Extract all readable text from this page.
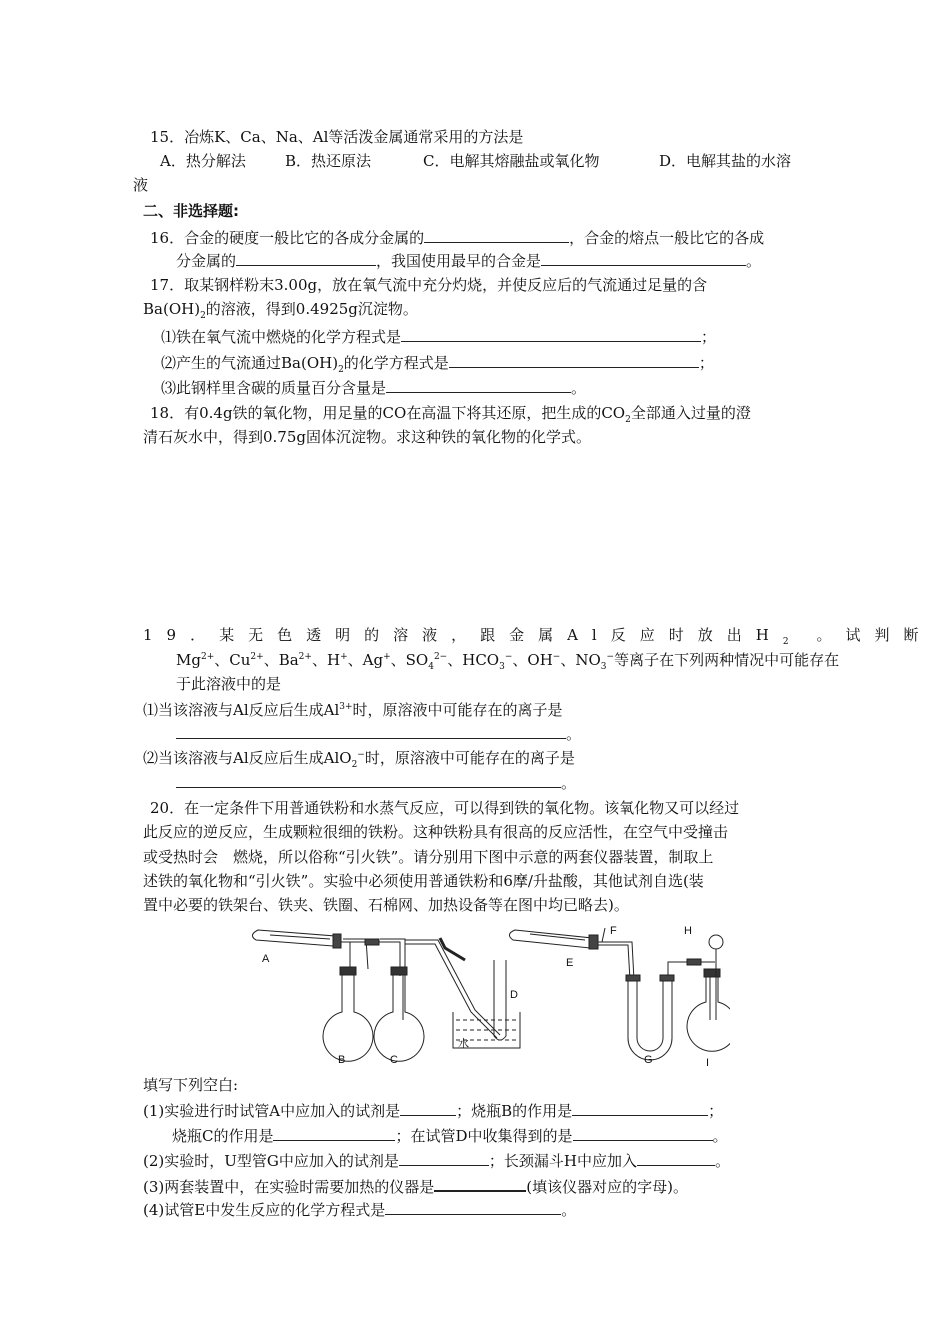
15．冶炼K、Ca、Na、Al等活泼金属通常采用的方法是
A．热分解法	B．热还原法	C．电解其熔融盐或氧化物	D．电解其盐的水溶
液
二、非选择题:
16．合金的硬度一般比它的各成分金属的	，合金的熔点一般比它的各成
分金属的	，我国使用最早的合金是	。
17．取某钢样粉末3.00g，放在氧气流中充分灼烧，并使反应后的气流通过足量的含
$Ba(OH)_2$的溶液，得到0.4925g沉淀物。
⑴铁在氧气流中燃烧的化学方程式是	；
⑵产生的气流通过$Ba(OH)_2$的化学方程式是	；
⑶此钢样里含碳的质量百分含量是	。
18．有0.4g铁的氧化物，用足量的CO在高温下将其还原，把生成的$CO_2$全部通入过量的澄
清石灰水中，得到0.75g固体沉淀物。求这种铁的氧化物的化学式。
19．某无色透明的溶液，跟金属Al反应时放出$H_2$ 。试判断
$Mg^{2+}$、$Cu^{2+}$、$Ba^{2+}$、H+、Ag+、$SO_4^{2-}$、$HCO_3^-$、OH−、$NO_3^-$等离子在下列两种情况中可能存在
于此溶液中的是
⑴当该溶液与Al反应后生成$Al^{3+}$时，原溶液中可能存在的离子是
。
⑵当该溶液与Al反应后生成AlO$_2$−时，原溶液中可能存在的离子是
。
20．在一定条件下用普通铁粉和水蒸气反应，可以得到铁的氧化物。该氧化物又可以经过
此反应的逆反应，生成颗粒很细的铁粉。这种铁粉具有很高的反应活性，在空气中受撞击
或受热时会　燃烧，所以俗称“引火铁”。请分别用下图中示意的两套仪器装置，制取上
述铁的氧化物和“引火铁”。实验中必须使用普通铁粉和6摩/升盐酸，其他试剂自选(装
置中必要的铁架台、铁夹、铁圈、石棉网、加热设备等在图中均已略去)。
A
B	C
D
水
E
F
G
H
I
填写下列空白:
(1)实验进行时试管A中应加入的试剂是	；烧瓶B的作用是	；
烧瓶C的作用是	；在试管D中收集得到的是	。
(2)实验时，U型管G中应加入的试剂是	；长颈漏斗H中应加入	。
(3)两套装置中，在实验时需要加热的仪器是	(填该仪器对应的字母)。
(4)试管E中发生反应的化学方程式是	。
